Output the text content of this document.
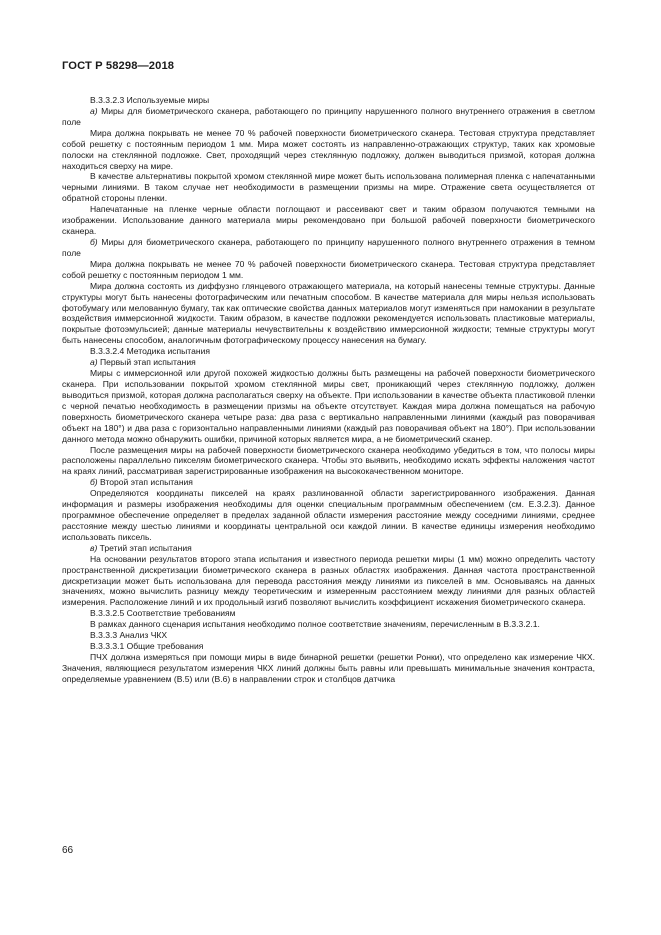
ГОСТ Р 58298—2018

В.3.3.2.3 Используемые миры

а) Миры для биометрического сканера, работающего по принципу нарушенного полного внутреннего отражения в светлом поле

Мира должна покрывать не менее 70 % рабочей поверхности биометрического сканера. Тестовая структура представляет собой решетку с постоянным периодом 1 мм. Мира может состоять из направленно-отражающих структур, таких как хромовые полоски на стеклянной подложке. Свет, проходящий через стеклянную подложку, должен выводиться призмой, которая должна находиться сверху на мире.

В качестве альтернативы покрытой хромом стеклянной мире может быть использована полимерная пленка с напечатанными черными линиями. В таком случае нет необходимости в размещении призмы на мире. Отражение света осуществляется от обратной стороны пленки.

Напечатанные на пленке черные области поглощают и рассеивают свет и таким образом получаются темными на изображении. Использование данного материала миры рекомендовано при большой рабочей поверхности биометрического сканера.

б) Миры для биометрического сканера, работающего по принципу нарушенного полного внутреннего отражения в темном поле

Мира должна покрывать не менее 70 % рабочей поверхности биометрического сканера. Тестовая структура представляет собой решетку с постоянным периодом 1 мм.

Мира должна состоять из диффузно глянцевого отражающего материала, на который нанесены темные структуры. Данные структуры могут быть нанесены фотографическим или печатным способом. В качестве материала для миры нельзя использовать фотобумагу или мелованную бумагу, так как оптические свойства данных материалов могут изменяться при намокании в результате воздействия иммерсионной жидкости. Таким образом, в качестве подложки рекомендуется использовать пластиковые материалы, покрытые фотоэмульсией; данные материалы нечувствительны к воздействию иммерсионной жидкости; темные структуры могут быть нанесены способом, аналогичным фотографическому процессу нанесения на бумагу.

В.3.3.2.4 Методика испытания

а) Первый этап испытания

Миры с иммерсионной или другой похожей жидкостью должны быть размещены на рабочей поверхности биометрического сканера. При использовании покрытой хромом стеклянной миры свет, проникающий через стеклянную подложку, должен выводиться призмой, которая должна располагаться сверху на объекте. При использовании в качестве объекта пластиковой пленки с черной печатью необходимость в размещении призмы на объекте отсутствует. Каждая мира должна помещаться на рабочую поверхность биометрического сканера четыре раза: два раза с вертикально направленными линиями (каждый раз поворачивая объект на 180°) и два раза с горизонтально направленными линиями (каждый раз поворачивая объект на 180°). При использовании данного метода можно обнаружить ошибки, причиной которых является мира, а не биометрический сканер.

После размещения миры на рабочей поверхности биометрического сканера необходимо убедиться в том, что полосы миры расположены параллельно пикселям биометрического сканера. Чтобы это выявить, необходимо искать эффекты наложения частот на краях линий, рассматривая зарегистрированные изображения на высококачественном мониторе.

б) Второй этап испытания

Определяются координаты пикселей на краях разлинованной области зарегистрированного изображения. Данная информация и размеры изображения необходимы для оценки специальным программным обеспечением (см. Е.3.2.3). Данное программное обеспечение определяет в пределах заданной области измерения расстояние между соседними линиями, среднее расстояние между шестью линиями и координаты центральной оси каждой линии. В качестве единицы измерения необходимо использовать пиксель.

в) Третий этап испытания

На основании результатов второго этапа испытания и известного периода решетки миры (1 мм) можно определить частоту пространственной дискретизации биометрического сканера в разных областях изображения. Данная частота пространственной дискретизации может быть использована для перевода расстояния между линиями из пикселей в мм. Основываясь на данных значениях, можно вычислить разницу между теоретическим и измеренным расстоянием между линиями для разных областей измерения. Расположение линий и их продольный изгиб позволяют вычислить коэффициент искажения биометрического сканера.

В.3.3.2.5 Соответствие требованиям

В рамках данного сценария испытания необходимо полное соответствие значениям, перечисленным в В.3.3.2.1.

В.3.3.3 Анализ ЧКХ

В.3.3.3.1 Общие требования

ПЧХ должна измеряться при помощи миры в виде бинарной решетки (решетки Ронки), что определено как измерение ЧКХ. Значения, являющиеся результатом измерения ЧКХ линий должны быть равны или превышать минимальные значения контраста, определяемые уравнением (В.5) или (В.6) в направлении строк и столбцов датчика

66
